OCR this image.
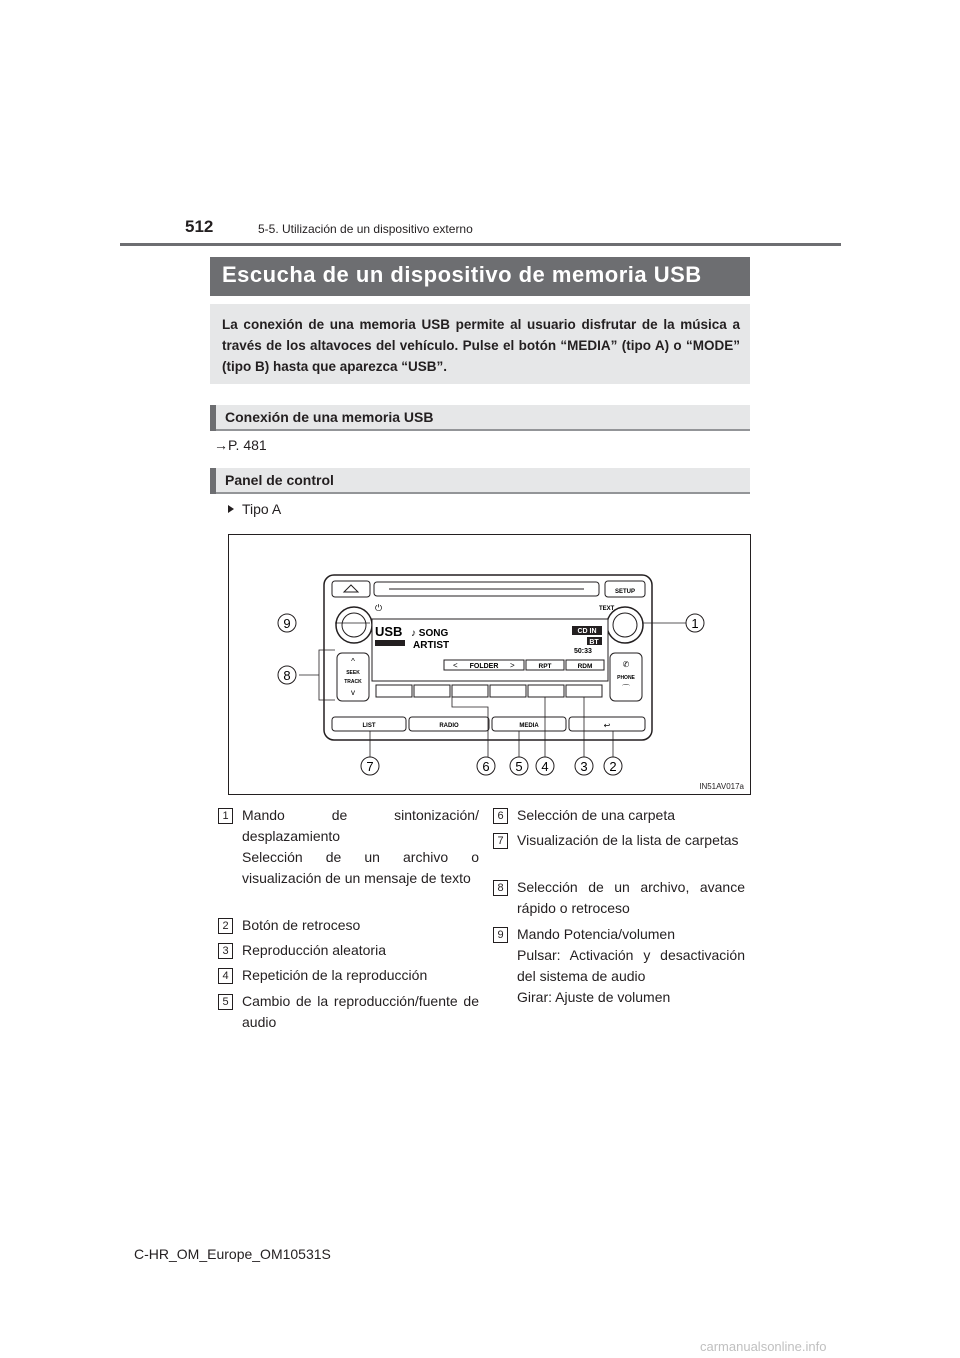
512	5-5. Utilización de un dispositivo externo
Escucha de un dispositivo de memoria USB
La conexión de una memoria USB permite al usuario disfrutar de la música a través de los altavoces del vehículo. Pulse el botón “MEDIA” (tipo A) o “MODE” (tipo B) hasta que aparezca “USB”.
Conexión de una memoria USB
→P. 481
Panel de control
Tipo A
SETUP
⏻	TEXT
USB ♪ SONG
ARTIST
CD IN
BT
50:33
FOLDER
<	>	RPT	RDM
^
SEEK
TRACK
v
✆
PHONE
⌒
LIST	RADIO	MEDIA	↩
9	1
8
7	6 5 4 3 2
IN51AV017a
1 Mando de sintonización/ desplazamiento
Selección de un archivo o visualización de un mensaje de texto
2 Botón de retroceso
3 Reproducción aleatoria
4 Repetición de la reproducción
5 Cambio de la reproducción/fuente de audio
6 Selección de una carpeta
7 Visualización de la lista de carpetas
8 Selección de un archivo, avance rápido o retroceso
9 Mando Potencia/volumen
Pulsar: Activación y desactivación del sistema de audio
Girar: Ajuste de volumen
C-HR_OM_Europe_OM10531S
carmanualsonline.info
